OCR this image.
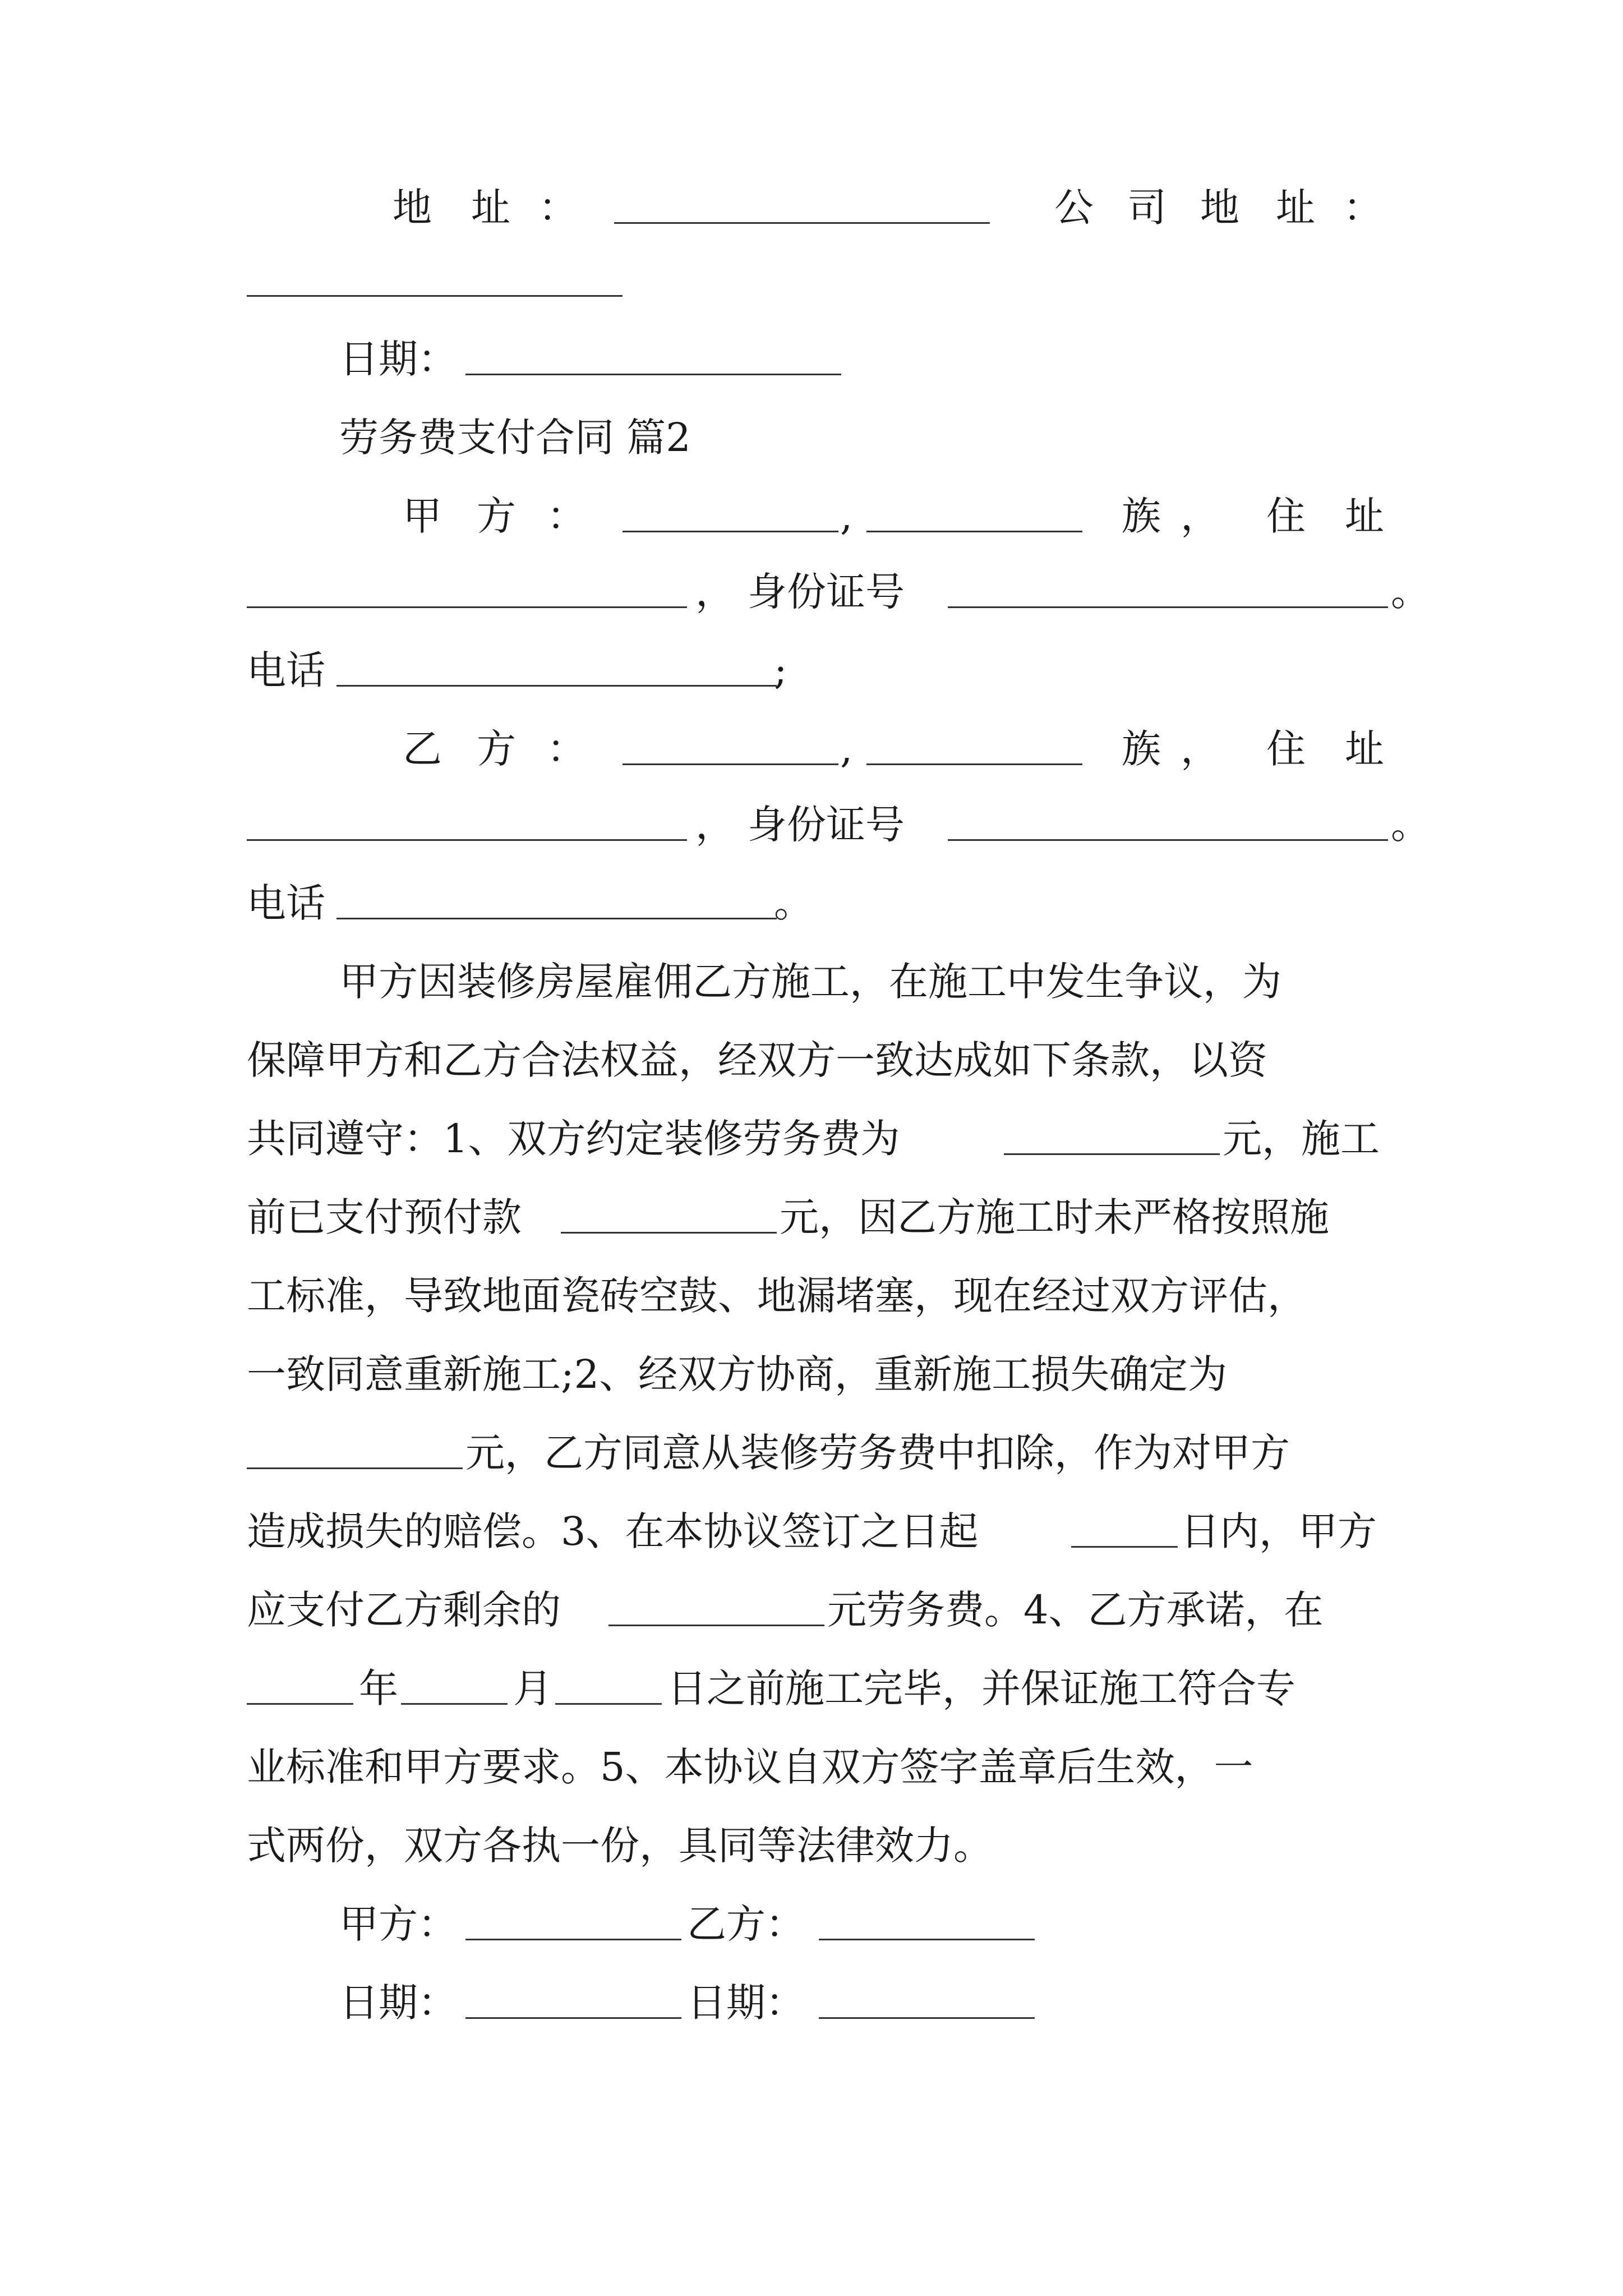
地 址 ：	公 司 地 址 ：
日期：
劳务费支付合同 篇2
甲 方 ：	,	族 ， 住 址
， 身份证号	。
电话	;
乙 方 ：	,	族 ， 住 址
， 身份证号	。
电话	。
甲方因装修房屋雇佣乙方施工，在施工中发生争议，为
保障甲方和乙方合法权益，经双方一致达成如下条款，以资
共同遵守：1、双方约定装修劳务费为	元，施工
前已支付预付款	元，因乙方施工时未严格按照施
工标准，导致地面瓷砖空鼓、地漏堵塞，现在经过双方评估，
一致同意重新施工;2、经双方协商，重新施工损失确定为
元，乙方同意从装修劳务费中扣除，作为对甲方
造成损失的赔偿。3、在本协议签订之日起	日内，甲方
应支付乙方剩余的	元劳务费。4、乙方承诺，在
年	月	日之前施工完毕，并保证施工符合专
业标准和甲方要求。5、本协议自双方签字盖章后生效，一
式两份，双方各执一份，具同等法律效力。
甲方：	乙方：
日期：	日期：
